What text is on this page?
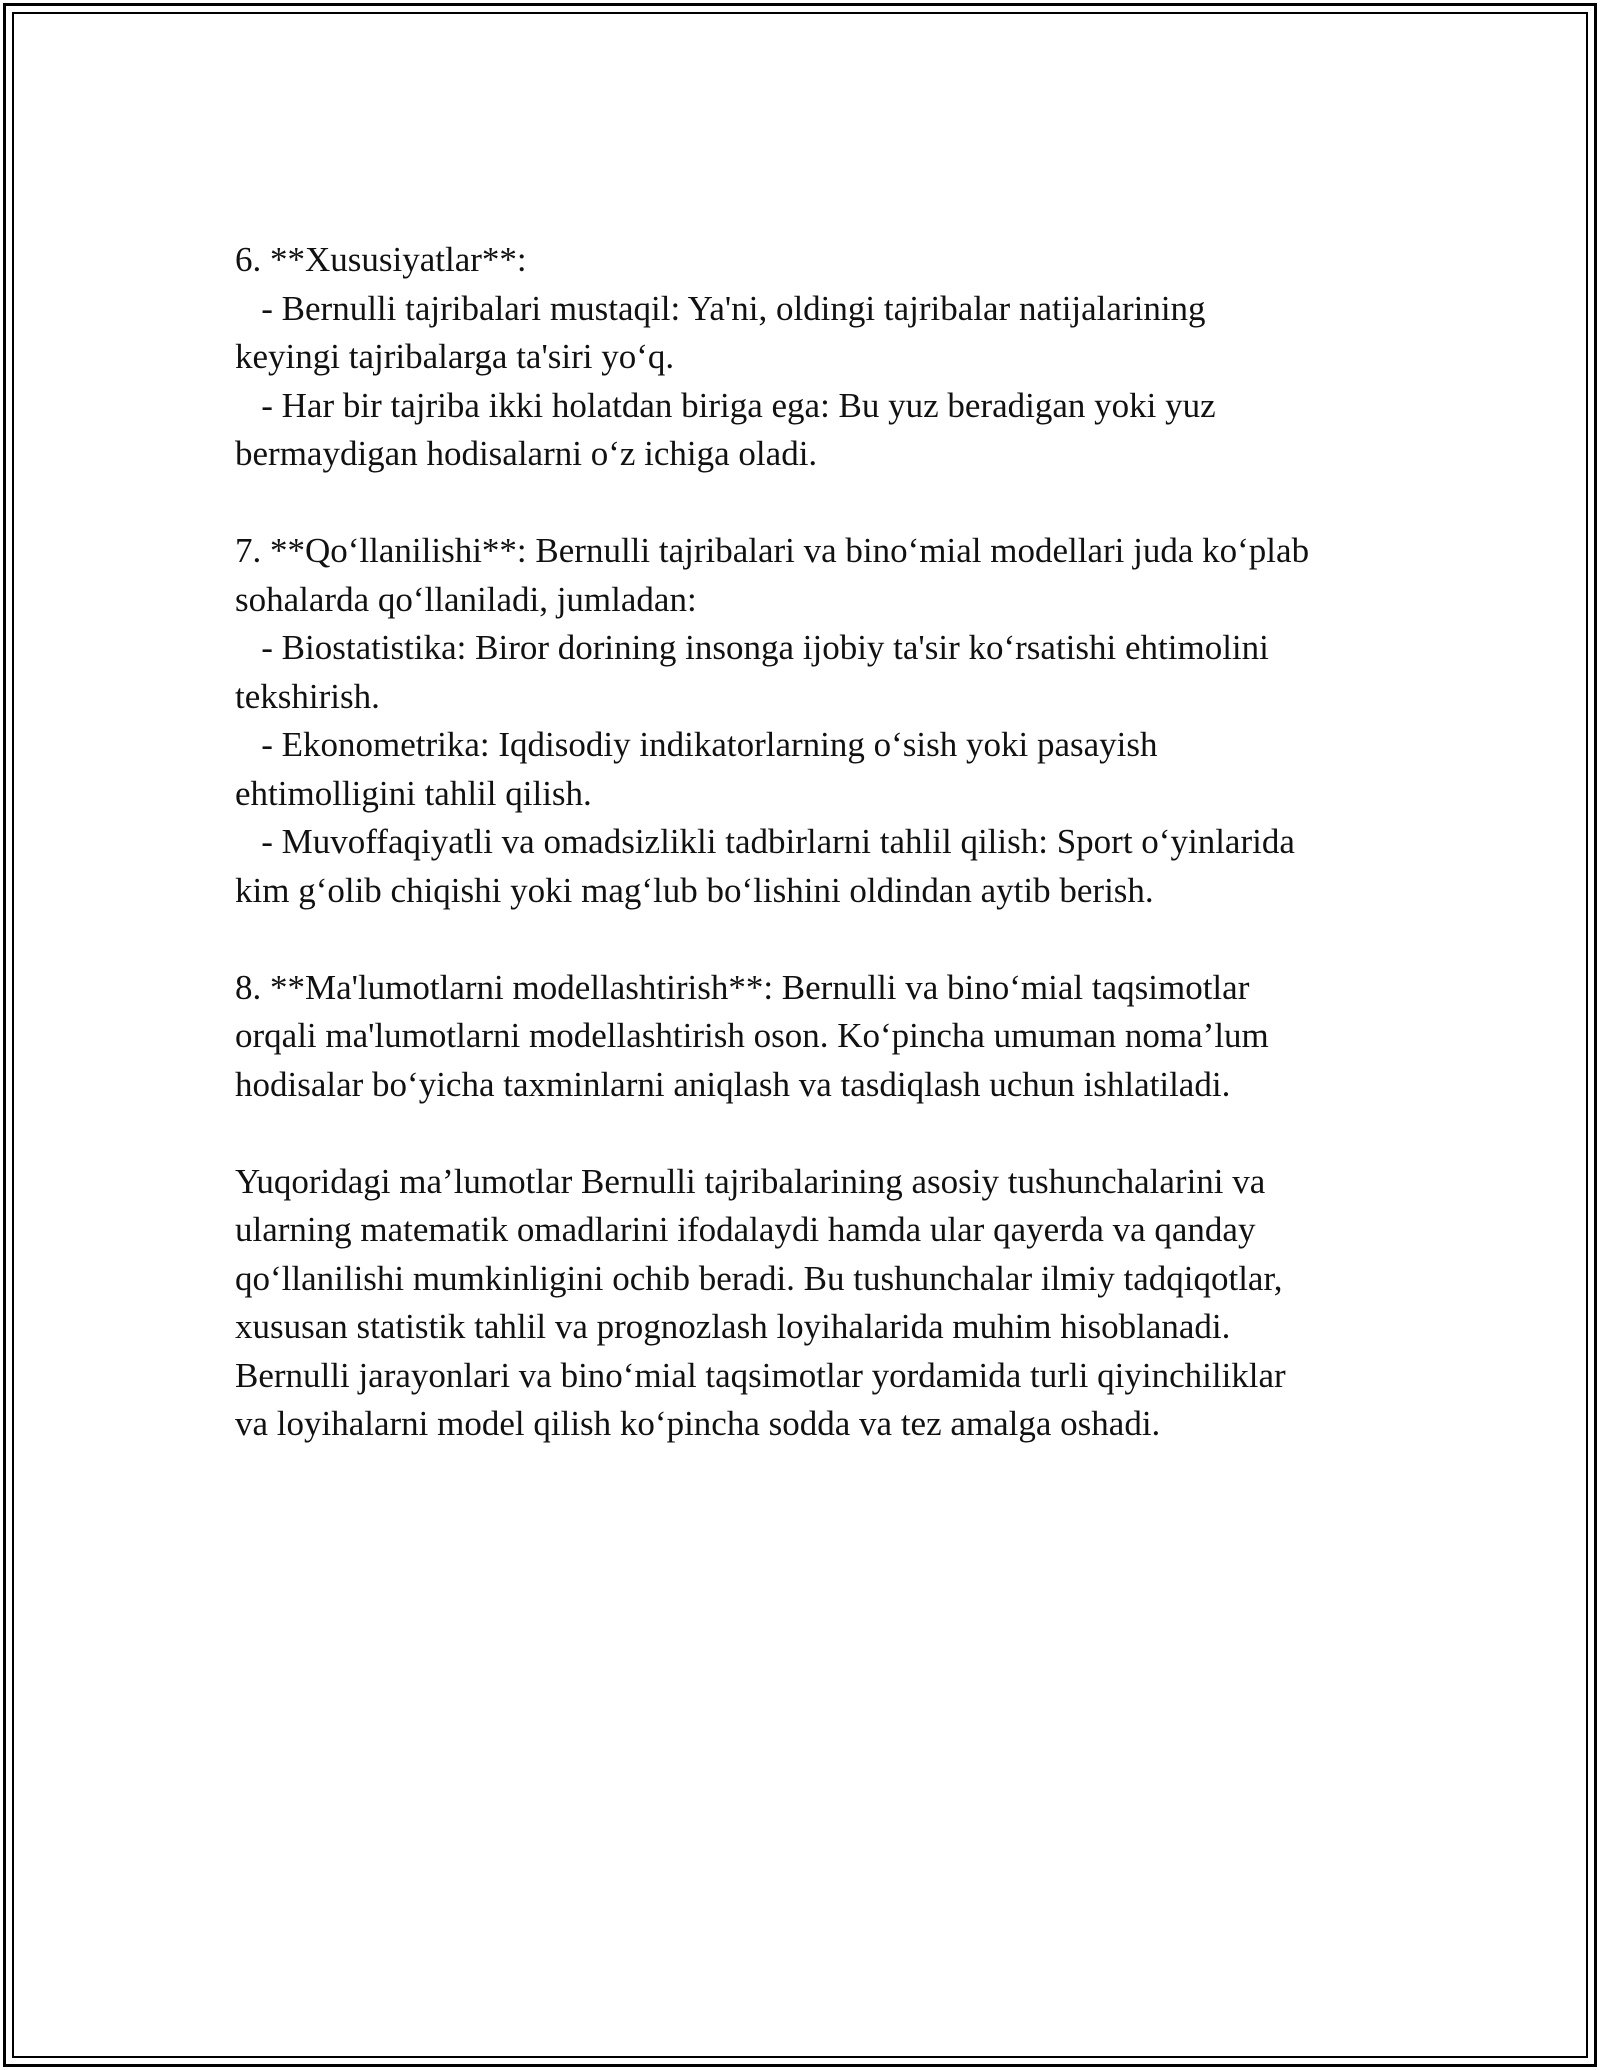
6. **Xususiyatlar**:
- Bernulli tajribalari mustaqil: Ya'ni, oldingi tajribalar natijalarining
keyingi tajribalarga ta'siri yo‘q.
- Har bir tajriba ikki holatdan biriga ega: Bu yuz beradigan yoki yuz
bermaydigan hodisalarni o‘z ichiga oladi.
7. **Qo‘llanilishi**: Bernulli tajribalari va bino‘mial modellari juda ko‘plab
sohalarda qo‘llaniladi, jumladan:
- Biostatistika: Biror dorining insonga ijobiy ta'sir ko‘rsatishi ehtimolini
tekshirish.
- Ekonometrika: Iqdisodiy indikatorlarning o‘sish yoki pasayish
ehtimolligini tahlil qilish.
- Muvoffaqiyatli va omadsizlikli tadbirlarni tahlil qilish: Sport o‘yinlarida
kim g‘olib chiqishi yoki mag‘lub bo‘lishini oldindan aytib berish.
8. **Ma'lumotlarni modellashtirish**: Bernulli va bino‘mial taqsimotlar
orqali ma'lumotlarni modellashtirish oson. Ko‘pincha umuman noma’lum
hodisalar bo‘yicha taxminlarni aniqlash va tasdiqlash uchun ishlatiladi.
Yuqoridagi ma’lumotlar Bernulli tajribalarining asosiy tushunchalarini va
ularning matematik omadlarini ifodalaydi hamda ular qayerda va qanday
qo‘llanilishi mumkinligini ochib beradi. Bu tushunchalar ilmiy tadqiqotlar,
xususan statistik tahlil va prognozlash loyihalarida muhim hisoblanadi.
Bernulli jarayonlari va bino‘mial taqsimotlar yordamida turli qiyinchiliklar
va loyihalarni model qilish ko‘pincha sodda va tez amalga oshadi.
